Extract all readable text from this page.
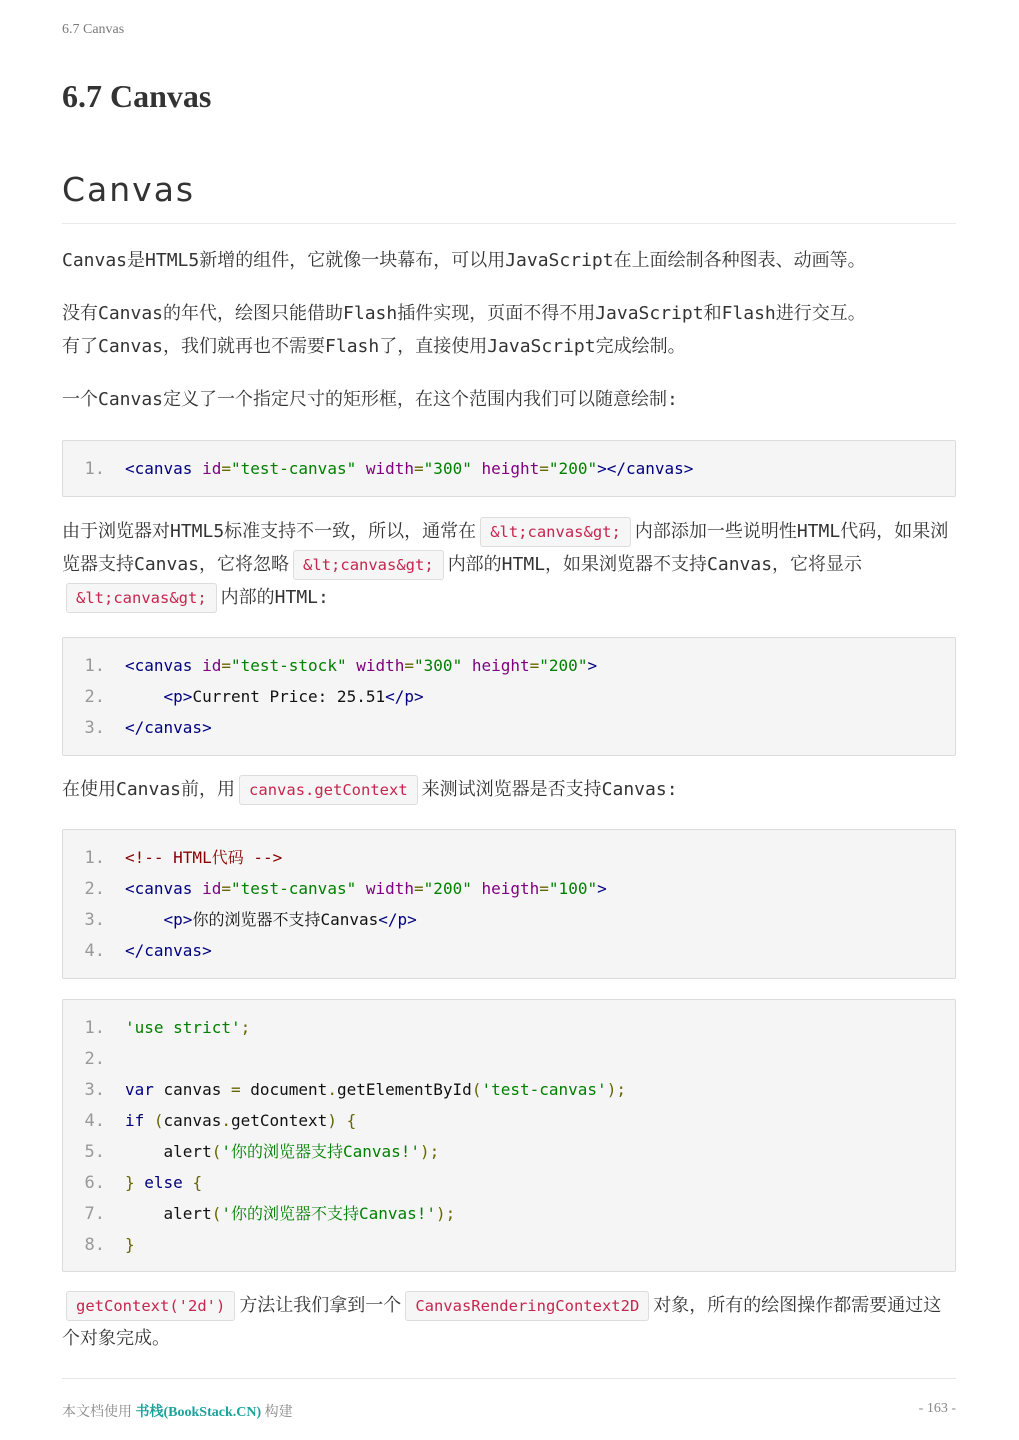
6.7 Canvas
6.7 Canvas
Canvas
Canvas是HTML5新增的组件，它就像一块幕布，可以用JavaScript在上面绘制各种图表、动画等。
没有Canvas的年代，绘图只能借助Flash插件实现，页面不得不用JavaScript和Flash进行交互。
有了Canvas，我们就再也不需要Flash了，直接使用JavaScript完成绘制。
一个Canvas定义了一个指定尺寸的矩形框，在这个范围内我们可以随意绘制:
1. <canvas id="test-canvas" width="300" height="200"></canvas>
由于浏览器对HTML5标准支持不一致，所以，通常在 &lt;canvas&gt; 内部添加一些说明性HTML代码，如果浏览器支持Canvas，它将忽略 &lt;canvas&gt; 内部的HTML，如果浏览器不支持Canvas，它将显示&lt;canvas&gt; 内部的HTML:
1. <canvas id="test-stock" width="300" height="200">
2.	<p>Current Price: 25.51</p>
3. </canvas>
在使用Canvas前，用 canvas.getContext 来测试浏览器是否支持Canvas:
1. <!-- HTML代码 -->
2. <canvas id="test-canvas" width="200" heigth="100">
3.	<p>你的浏览器不支持Canvas</p>
4. </canvas>
1. 'use strict';
2.
3. var canvas = document.getElementById('test-canvas');
4. if (canvas.getContext) {
5.	alert('你的浏览器支持Canvas!');
6. } else {
7.	alert('你的浏览器不支持Canvas!');
8. }
getContext('2d') 方法让我们拿到一个 CanvasRenderingContext2D 对象，所有的绘图操作都需要通过这个对象完成。
本文档使用 书栈(BookStack.CN) 构建	- 163 -
